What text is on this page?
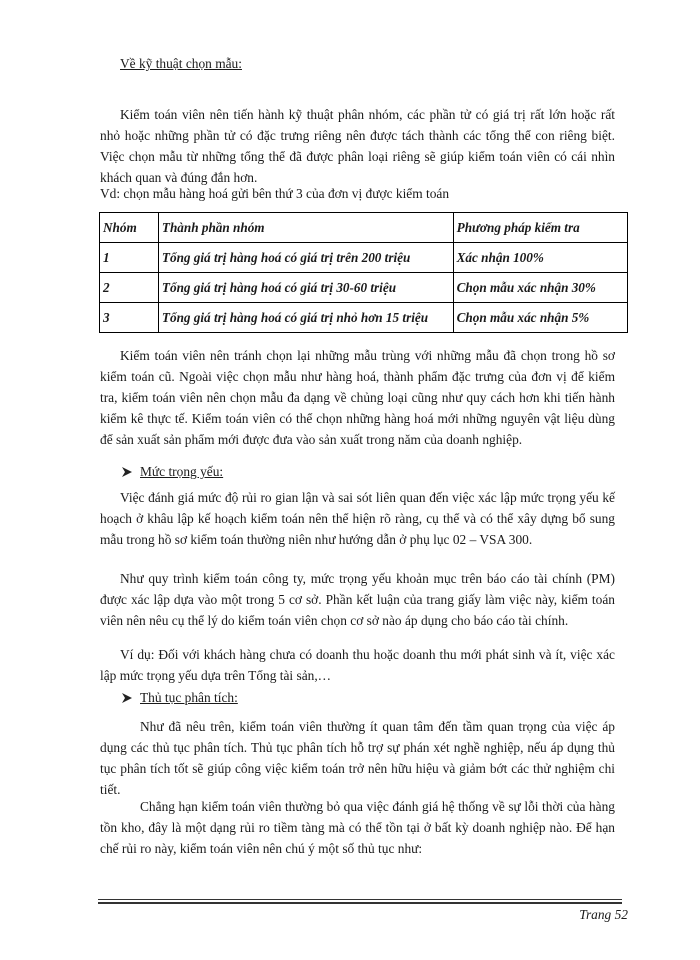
Về kỹ thuật chọn mẫu:

Kiểm toán viên nên tiến hành kỹ thuật phân nhóm, các phần tử có giá trị rất lớn hoặc rất nhỏ hoặc những phần tử có đặc trưng riêng nên được tách thành các tổng thể con riêng biệt. Việc chọn mẫu từ những tổng thể đã được phân loại riêng sẽ giúp kiểm toán viên có cái nhìn khách quan và đúng đắn hơn.

Vd: chọn mẫu hàng hoá gửi bên thứ 3 của đơn vị được kiểm toán

Nhóm	Thành phần nhóm	Phương pháp kiểm tra
1	Tổng giá trị hàng hoá có giá trị trên 200 triệu	Xác nhận 100%
2	Tổng giá trị hàng hoá có giá trị 30-60 triệu	Chọn mẫu xác nhận 30%
3	Tổng giá trị hàng hoá có giá trị nhỏ hơn 15 triệu	Chọn mẫu xác nhận 5%

Kiểm toán viên nên tránh chọn lại những mẫu trùng với những mẫu đã chọn trong hồ sơ kiểm toán cũ. Ngoài việc chọn mẫu như hàng hoá, thành phẩm đặc trưng của đơn vị để kiểm tra, kiểm toán viên nên chọn mẫu đa dạng về chủng loại cũng như quy cách hơn khi tiến hành kiểm kê thực tế. Kiểm toán viên có thể chọn những hàng hoá mới những nguyên vật liệu dùng để sản xuất sản phẩm mới được đưa vào sản xuất trong năm của doanh nghiệp.

Mức trọng yếu:

Việc đánh giá mức độ rủi ro gian lận và sai sót liên quan đến việc xác lập mức trọng yếu kế hoạch ở khâu lập kế hoạch kiểm toán nên thể hiện rõ ràng, cụ thể và có thể xây dựng bổ sung mẫu trong hồ sơ kiểm toán thường niên như hướng dẫn ở phụ lục 02 – VSA 300.

Như quy trình kiểm toán công ty, mức trọng yếu khoản mục trên báo cáo tài chính (PM) được xác lập dựa vào một trong 5 cơ sở. Phần kết luận của trang giấy làm việc này, kiểm toán viên nên nêu cụ thể lý do kiểm toán viên chọn cơ sở nào áp dụng cho báo cáo tài chính.

Ví dụ: Đối với khách hàng chưa có doanh thu hoặc doanh thu mới phát sinh và ít, việc xác lập mức trọng yếu dựa trên Tổng tài sản,…

Thủ tục phân tích:

Như đã nêu trên, kiểm toán viên thường ít quan tâm đến tầm quan trọng của việc áp dụng các thủ tục phân tích. Thủ tục phân tích hỗ trợ sự phán xét nghề nghiệp, nếu áp dụng thủ tục phân tích tốt sẽ giúp công việc kiểm toán trở nên hữu hiệu và giảm bớt các thử nghiệm chi tiết.

Chẳng hạn kiểm toán viên thường bỏ qua việc đánh giá hệ thống về sự lỗi thời của hàng tồn kho, đây là một dạng rủi ro tiềm tàng mà có thể tồn tại ở bất kỳ doanh nghiệp nào. Để hạn chế rủi ro này, kiểm toán viên nên chú ý một số thủ tục như:

Trang 52
